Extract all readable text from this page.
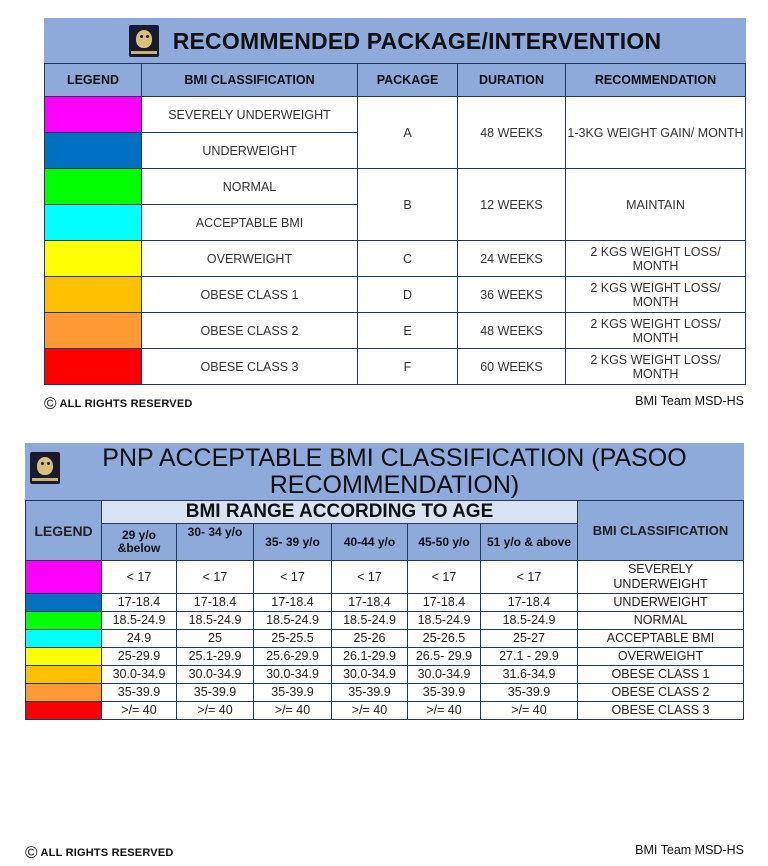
RECOMMENDED PACKAGE/INTERVENTION				

LEGEND	BMI CLASSIFICATION	PACKAGE	DURATION	RECOMMENDATION
	SEVERELY UNDERWEIGHT	A	48 WEEKS	1-3KG WEIGHT GAIN/ MONTH
	UNDERWEIGHT			
	NORMAL	B	12 WEEKS	MAINTAIN
	ACCEPTABLE BMI			
	OVERWEIGHT	C	24 WEEKS	2 KGS WEIGHT LOSS/ MONTH
	OBESE CLASS 1	D	36 WEEKS	2 KGS WEIGHT LOSS/ MONTH
	OBESE CLASS 2	E	48 WEEKS	2 KGS WEIGHT LOSS/ MONTH
	OBESE CLASS 3	F	60 WEEKS	2 KGS WEIGHT LOSS/ MONTH
© ALL RIGHTS RESERVED	BMI Team MSD-HS
PNP ACCEPTABLE BMI CLASSIFICATION (PASOO RECOMMENDATION)							

LEGEND	BMI RANGE ACCORDING TO AGE						BMI CLASSIFICATION
	29 y/o &below	30- 34 y/o	35- 39 y/o	40-44 y/o	45-50 y/o	51 y/o & above	
	< 17	< 17	< 17	< 17	< 17	< 17	SEVERELY UNDERWEIGHT
	17-18.4	17-18.4	17-18.4	17-18.4	17-18.4	17-18.4	UNDERWEIGHT
	18.5-24.9	18.5-24.9	18.5-24.9	18.5-24.9	18.5-24.9	18.5-24.9	NORMAL
	24.9	25	25-25.5	25-26	25-26.5	25-27	ACCEPTABLE BMI
	25-29.9	25.1-29.9	25.6-29.9	26.1-29.9	26.5- 29.9	27.1 - 29.9	OVERWEIGHT
	30.0-34.9	30.0-34.9	30.0-34.9	30.0-34.9	30.0-34.9	31.6-34.9	OBESE CLASS 1
	35-39.9	35-39.9	35-39.9	35-39.9	35-39.9	35-39.9	OBESE CLASS 2
	>/= 40	>/= 40	>/= 40	>/= 40	>/= 40	>/= 40	OBESE CLASS 3
© ALL RIGHTS RESERVED	BMI Team MSD-HS
